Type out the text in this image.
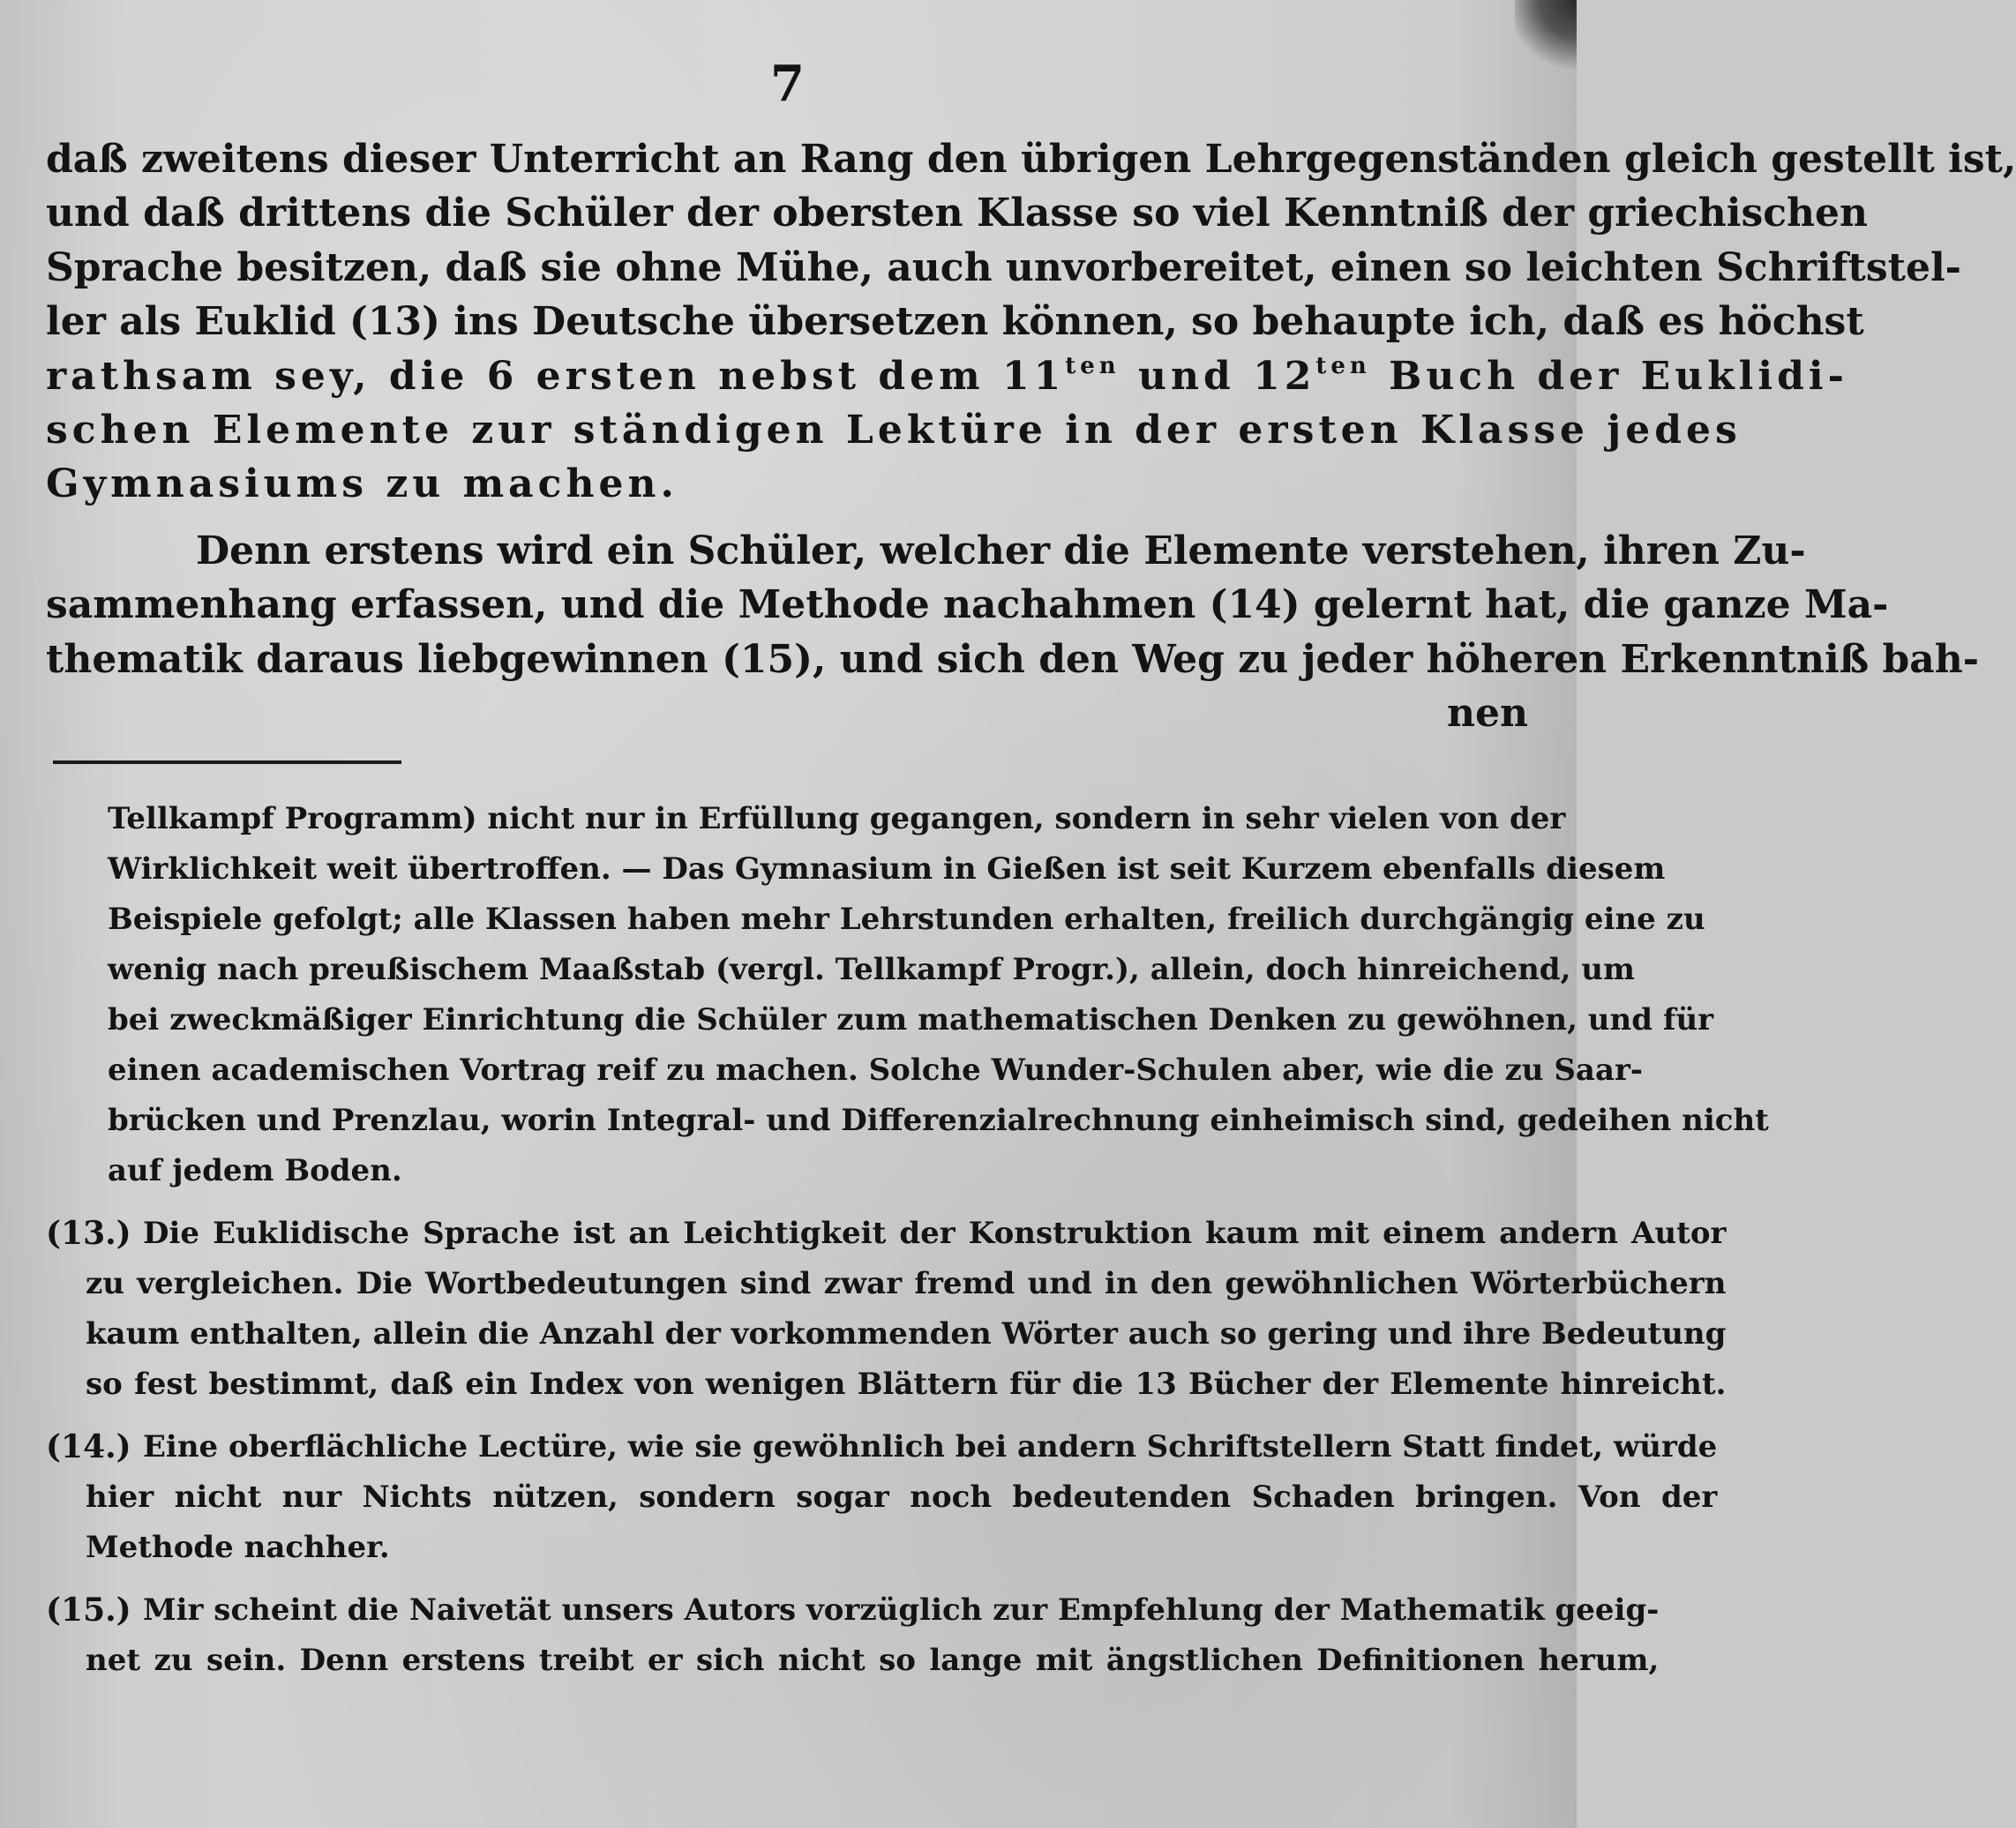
7
daß zweitens dieser Unterricht an Rang den übrigen Lehrgegenständen gleich gestellt ist,
und daß drittens die Schüler der obersten Klasse so viel Kenntniß der griechischen
Sprache besitzen, daß sie ohne Mühe, auch unvorbereitet, einen so leichten Schriftstel-
ler als Euklid (13) ins Deutsche übersetzen können, so behaupte ich, daß es höchst
rathsam sey, die 6 ersten nebst dem $11^{ten}$ und $12^{ten}$ Buch der Euklidi-
schen Elemente zur ständigen Lektüre in der ersten Klasse jedes
Gymnasiums zu machen.
Denn erstens wird ein Schüler, welcher die Elemente verstehen, ihren Zu-
sammenhang erfassen, und die Methode nachahmen (14) gelernt hat, die ganze Ma-
thematik daraus liebgewinnen (15), und sich den Weg zu jeder höheren Erkenntniß bah-
nen
Tellkampf Programm) nicht nur in Erfüllung gegangen, sondern in sehr vielen von der
Wirklichkeit weit übertroffen. — Das Gymnasium in Gießen ist seit Kurzem ebenfalls diesem
Beispiele gefolgt; alle Klassen haben mehr Lehrstunden erhalten, freilich durchgängig eine zu
wenig nach preußischem Maaßstab (vergl. Tellkampf Progr.), allein, doch hinreichend, um
bei zweckmäßiger Einrichtung die Schüler zum mathematischen Denken zu gewöhnen, und für
einen academischen Vortrag reif zu machen. Solche Wunder-Schulen aber, wie die zu Saar-
brücken und Prenzlau, worin Integral- und Differenzialrechnung einheimisch sind, gedeihen nicht
auf jedem Boden.
(13.) Die Euklidische Sprache ist an Leichtigkeit der Konstruktion kaum mit einem andern Autor
zu vergleichen. Die Wortbedeutungen sind zwar fremd und in den gewöhnlichen Wörterbüchern
kaum enthalten, allein die Anzahl der vorkommenden Wörter auch so gering und ihre Bedeutung
so fest bestimmt, daß ein Index von wenigen Blättern für die 13 Bücher der Elemente hinreicht.
(14.) Eine oberflächliche Lectüre, wie sie gewöhnlich bei andern Schriftstellern Statt findet, würde
hier nicht nur Nichts nützen, sondern sogar noch bedeutenden Schaden bringen. Von der
Methode nachher.
(15.) Mir scheint die Naivetät unsers Autors vorzüglich zur Empfehlung der Mathematik geeig-
net zu sein. Denn erstens treibt er sich nicht so lange mit ängstlichen Definitionen herum,
